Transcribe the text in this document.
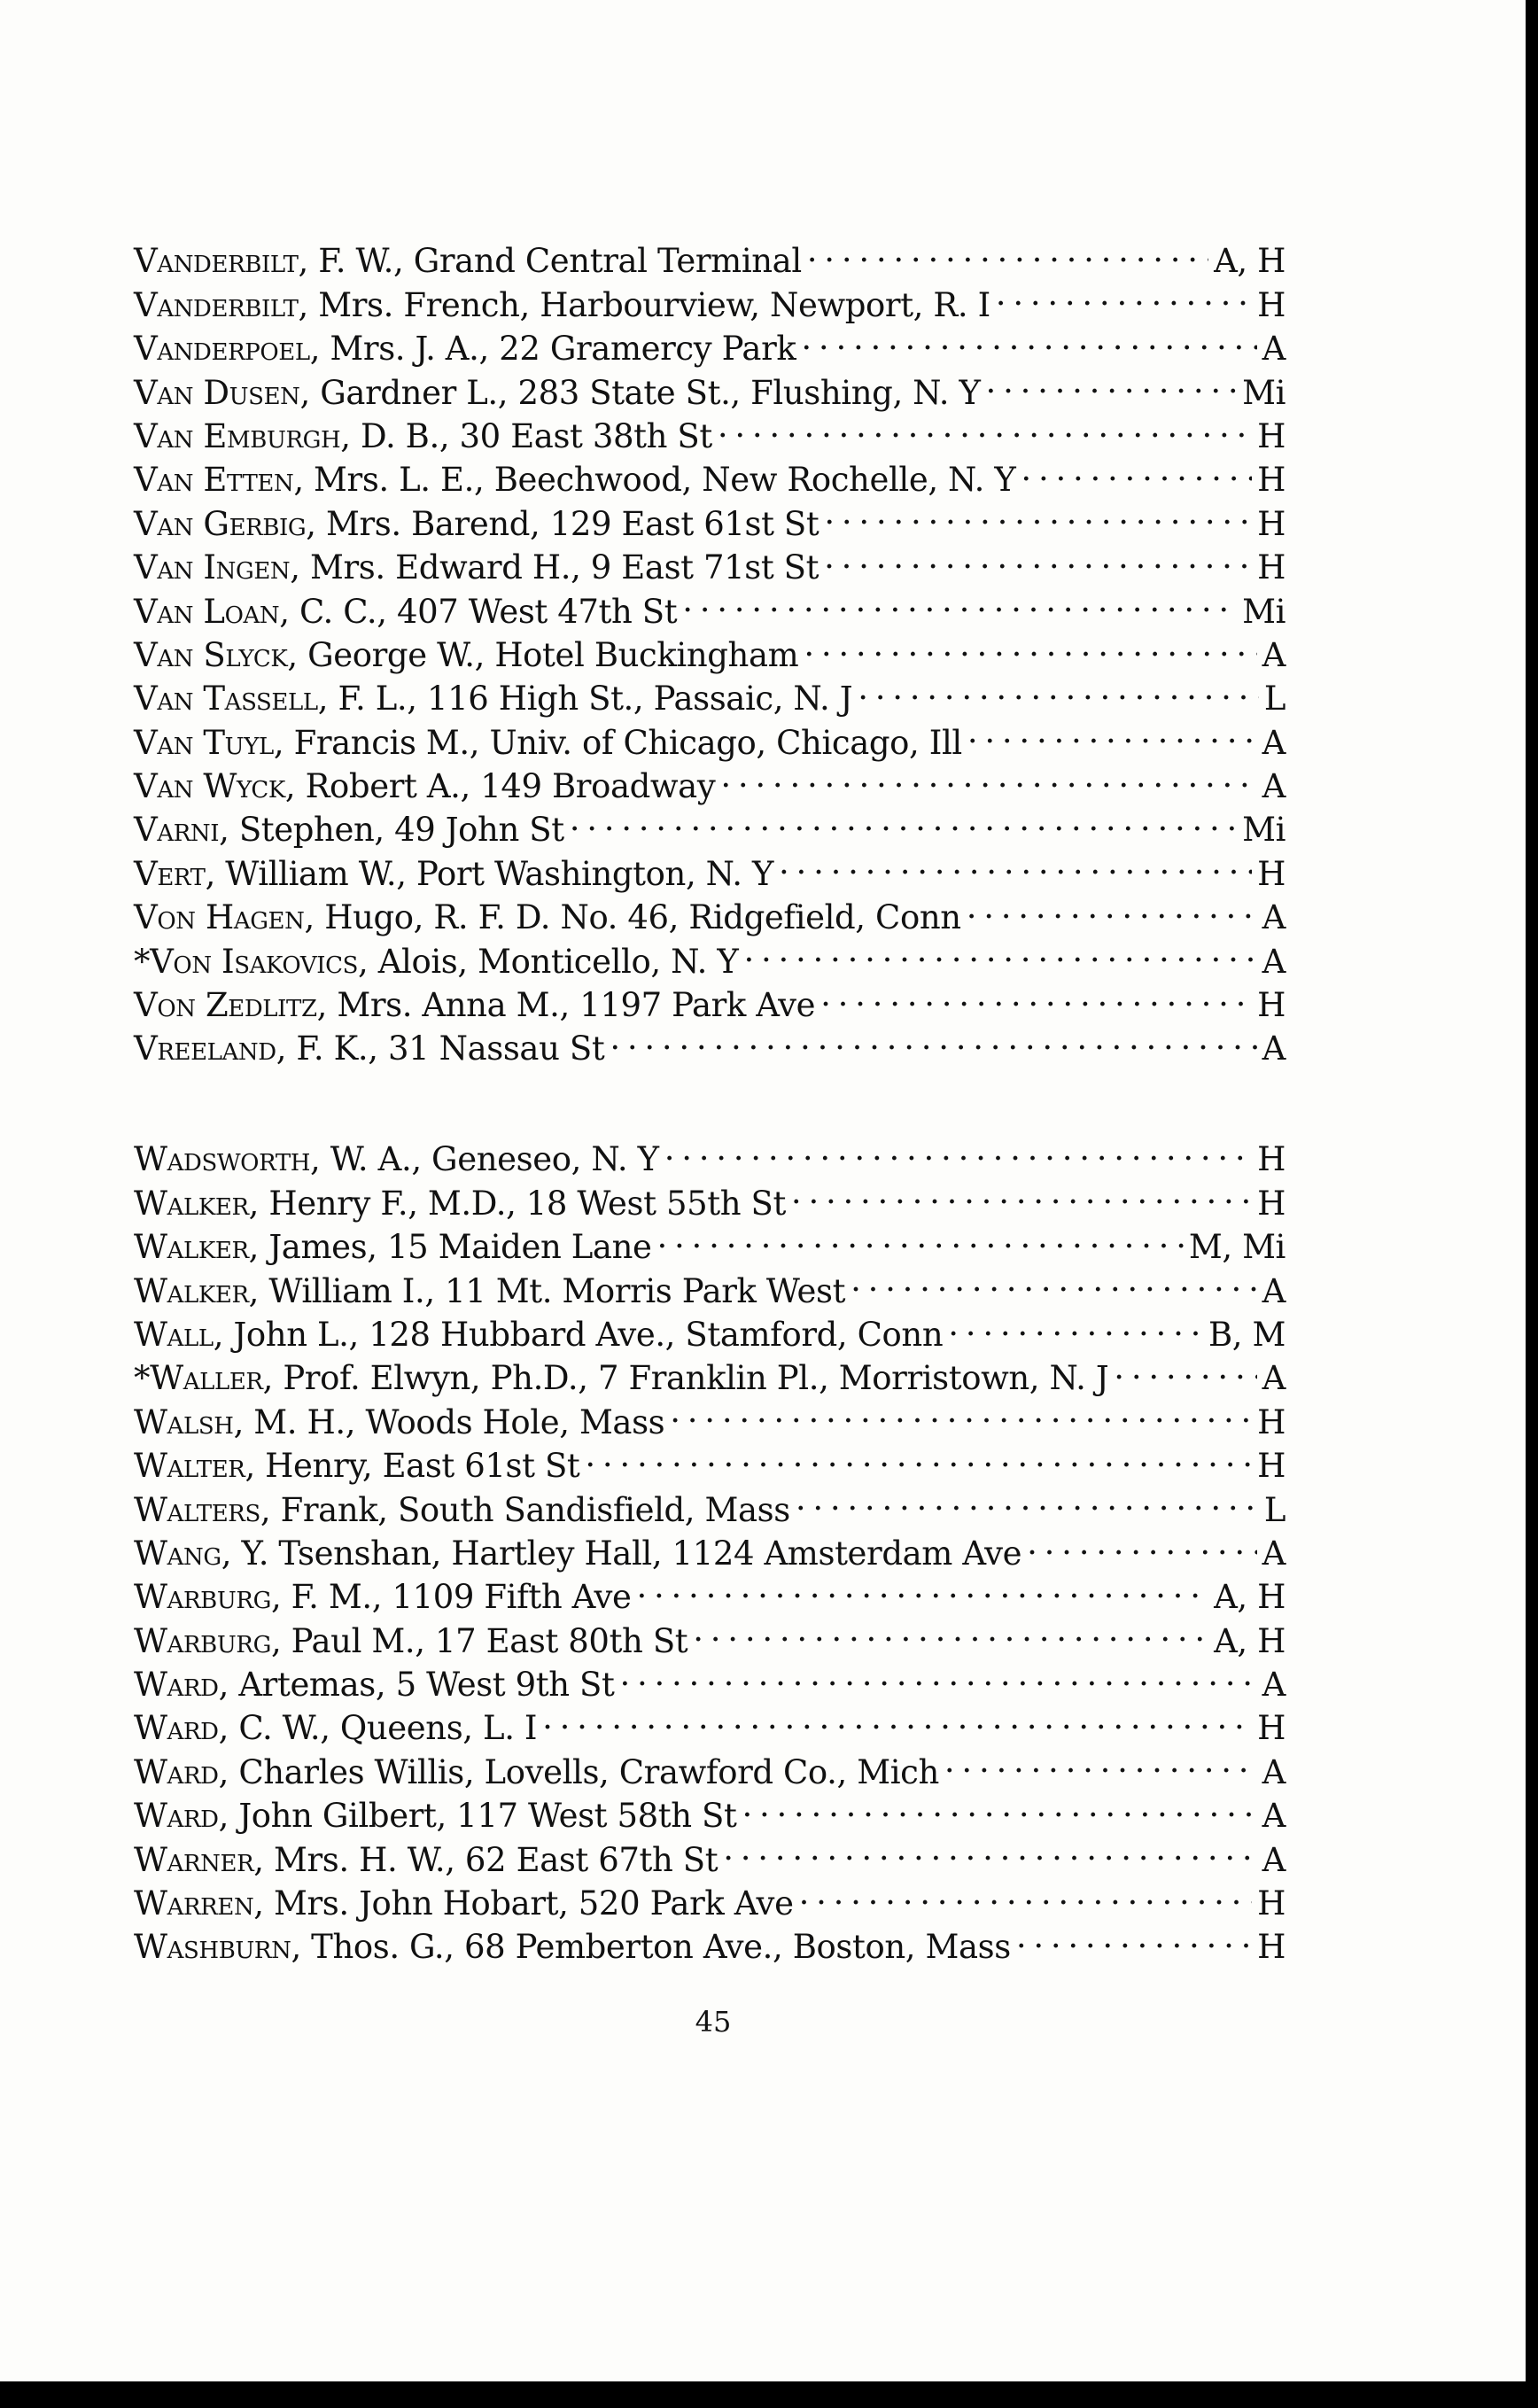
Vanderbilt , F. W., Grand Central Terminal . . .	A, H
Vanderbilt , Mrs. French, Harbourview, Newport, R. I . . .	H
Vanderpoel , Mrs. J. A., 22 Gramercy Park . . .	A
Van Dusen , Gardner L., 283 State St., Flushing, N. Y . . .	Mi
Van Emburgh , D. B., 30 East 38th St . . .	H
Van Etten , Mrs. L. E., Beechwood, New Rochelle, N. Y . . .	H
Van Gerbig , Mrs. Barend, 129 East 61st St . . .	H
Van Ingen , Mrs. Edward H., 9 East 71st St . . .	H
Van Loan , C. C., 407 West 47th St . . .	Mi
Van Slyck , George W., Hotel Buckingham . . .	A
Van Tassell , F. L., 116 High St., Passaic, N. J . . .	L
Van Tuyl , Francis M., Univ. of Chicago, Chicago, Ill . . .	A
Van Wyck , Robert A., 149 Broadway . . .	A
Varni , Stephen, 49 John St . . .	Mi
Vert , William W., Port Washington, N. Y . . .	H
Von Hagen , Hugo, R. F. D. No. 46, Ridgefield, Conn . . .	A
*Von Isakovics , Alois, Monticello, N. Y . . .	A
Von Zedlitz , Mrs. Anna M., 1197 Park Ave . . .	H
Vreeland , F. K., 31 Nassau St . . .	A
Wadsworth , W. A., Geneseo, N. Y . . .	H
Walker , Henry F., M.D., 18 West 55th St . . .	H
Walker , James, 15 Maiden Lane . . .	M, Mi
Walker , William I., 11 Mt. Morris Park West . . .	A
Wall , John L., 128 Hubbard Ave., Stamford, Conn . . .	B, M
*Waller , Prof. Elwyn, Ph.D., 7 Franklin Pl., Morristown, N. J . . .	A
Walsh , M. H., Woods Hole, Mass . . .	H
Walter , Henry, East 61st St . . .	H
Walters , Frank, South Sandisfield, Mass . . .	L
Wang , Y. Tsenshan, Hartley Hall, 1124 Amsterdam Ave . . .	A
Warburg , F. M., 1109 Fifth Ave . . .	A, H
Warburg , Paul M., 17 East 80th St . . .	A, H
Ward , Artemas, 5 West 9th St . . .	A
Ward , C. W., Queens, L. I . . .	H
Ward , Charles Willis, Lovells, Crawford Co., Mich . . .	A
Ward , John Gilbert, 117 West 58th St . . .	A
Warner , Mrs. H. W., 62 East 67th St . . .	A
Warren , Mrs. John Hobart, 520 Park Ave . . .	H
Washburn , Thos. G., 68 Pemberton Ave., Boston, Mass . . .	H
45
